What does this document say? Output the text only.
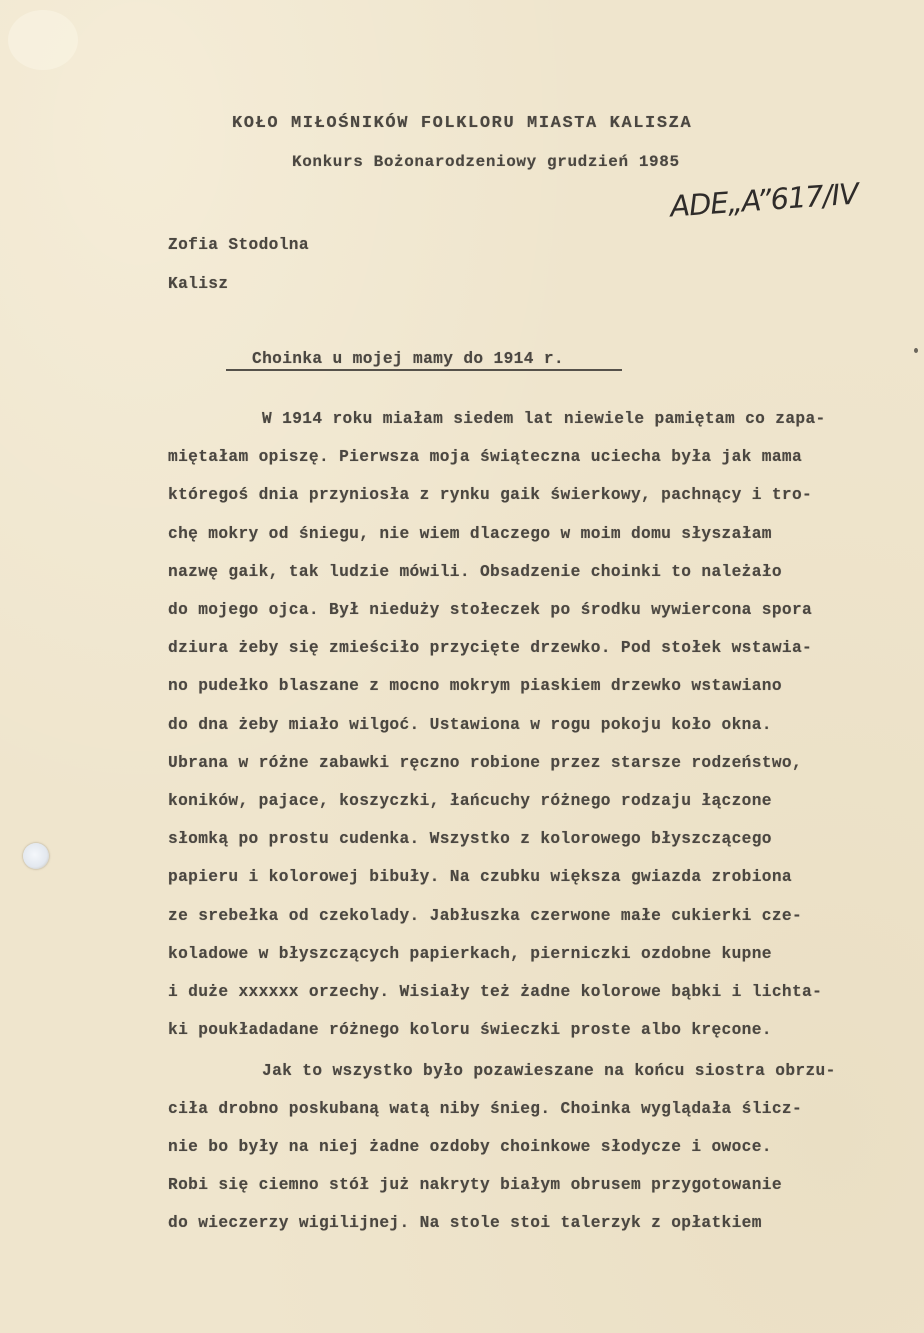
KOŁO MIŁOŚNIKÓW FOLKLORU MIASTA KALISZA
Konkurs Bożonarodzeniowy grudzień 1985
ADE„A”617/IV
Zofia Stodolna
Kalisz
Choinka u mojej mamy do 1914 r.
W 1914 roku miałam siedem lat niewiele pamiętam co zapa-
miętałam opiszę. Pierwsza moja świąteczna uciecha była jak mama
któregoś dnia przyniosła z rynku gaik świerkowy, pachnący i tro-
chę mokry od śniegu, nie wiem dlaczego w moim domu słyszałam
nazwę gaik, tak ludzie mówili. Obsadzenie choinki to należało
do mojego ojca. Był nieduży stołeczek po środku wywiercona spora
dziura żeby się zmieściło przycięte drzewko. Pod stołek wstawia-
no pudełko blaszane z mocno mokrym piaskiem drzewko wstawiano
do dna żeby miało wilgoć. Ustawiona w rogu pokoju koło okna.
Ubrana w różne zabawki ręczno robione przez starsze rodzeństwo,
koników, pajace, koszyczki, łańcuchy różnego rodzaju łączone
słomką po prostu cudenka. Wszystko z kolorowego błyszczącego
papieru i kolorowej bibuły. Na czubku większa gwiazda zrobiona
ze srebełka od czekolady. Jabłuszka czerwone małe cukierki cze-
koladowe w błyszczących papierkach, pierniczki ozdobne kupne
i duże xxxxxx orzechy. Wisiały też żadne kolorowe bąbki i lichta-
ki poukładadane różnego koloru świeczki proste albo kręcone.
Jak to wszystko było pozawieszane na końcu siostra obrzu-
ciła drobno poskubaną watą niby śnieg. Choinka wyglądała ślicz-
nie bo były na niej żadne ozdoby choinkowe słodycze i owoce.
Robi się ciemno stół już nakryty białym obrusem przygotowanie
do wieczerzy wigilijnej. Na stole stoi talerzyk z opłatkiem
